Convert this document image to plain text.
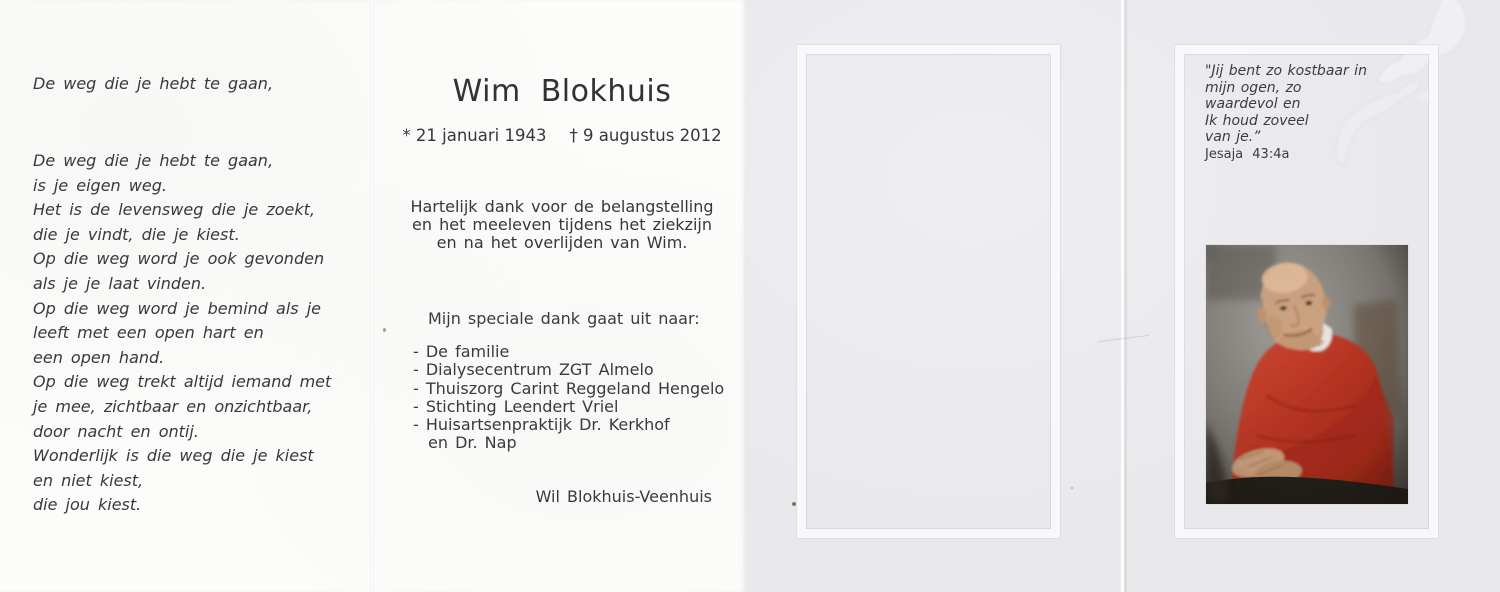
De weg die je hebt te gaan,
De weg die je hebt te gaan,
is je eigen weg.
Het is de levensweg die je zoekt,
die je vindt, die je kiest.
Op die weg word je ook gevonden
als je je laat vinden.
Op die weg word je bemind als je
leeft met een open hart en
een open hand.
Op die weg trekt altijd iemand met
je mee, zichtbaar en onzichtbaar,
door nacht en ontij.
Wonderlijk is die weg die je kiest
en niet kiest,
die jou kiest.
Wim Blokhuis
* 21 januari 1943 † 9 augustus 2012
Hartelijk dank voor de belangstelling
en het meeleven tijdens het ziekzijn
en na het overlijden van Wim.
Mijn speciale dank gaat uit naar:
- De familie
- Dialysecentrum ZGT Almelo
- Thuiszorg Carint Reggeland Hengelo
- Stichting Leendert Vriel
- Huisartsenpraktijk Dr. Kerkhof
en Dr. Nap
Wil Blokhuis-Veenhuis
"Jij bent zo kostbaar in
mijn ogen, zo
waardevol en
Ik houd zoveel
van je.”
Jesaja 43:4a
